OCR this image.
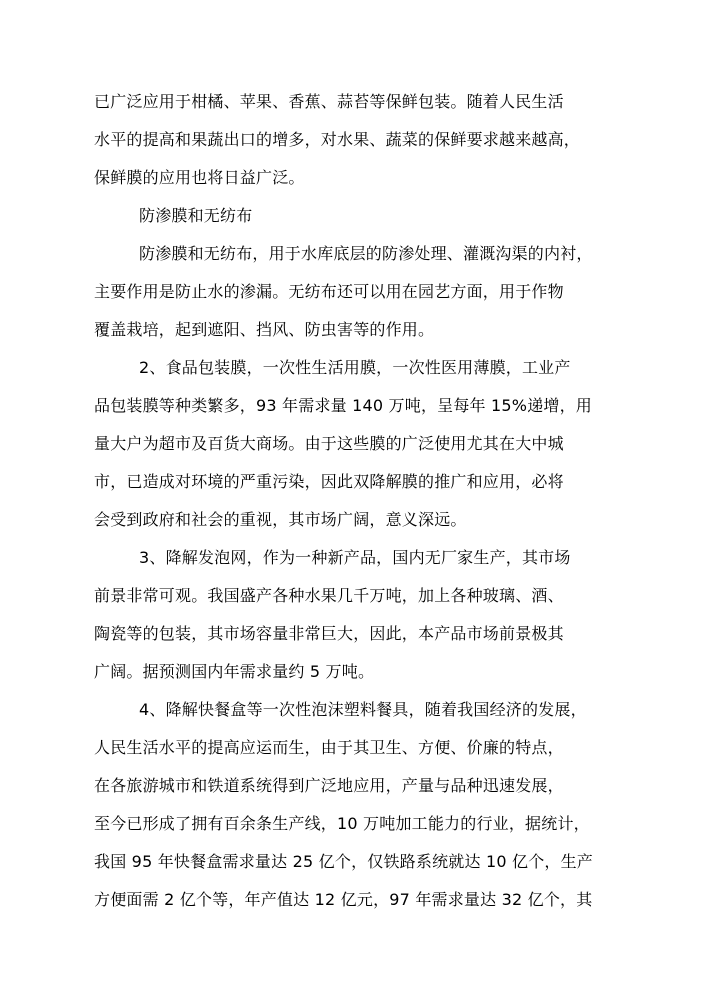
已广泛应用于柑橘、苹果、香蕉、蒜苔等保鲜包装。随着人民生活
水平的提高和果蔬出口的增多，对水果、蔬菜的保鲜要求越来越高，
保鲜膜的应用也将日益广泛。
防渗膜和无纺布
防渗膜和无纺布，用于水库底层的防渗处理、灌溉沟渠的内衬，
主要作用是防止水的渗漏。无纺布还可以用在园艺方面，用于作物
覆盖栽培，起到遮阳、挡风、防虫害等的作用。
2、食品包装膜，一次性生活用膜，一次性医用薄膜，工业产
品包装膜等种类繁多，93 年需求量 140 万吨，呈每年 15%递增，用
量大户为超市及百货大商场。由于这些膜的广泛使用尤其在大中城
市，已造成对环境的严重污染，因此双降解膜的推广和应用，必将
会受到政府和社会的重视，其市场广阔，意义深远。
3、降解发泡网，作为一种新产品，国内无厂家生产，其市场
前景非常可观。我国盛产各种水果几千万吨，加上各种玻璃、酒、
陶瓷等的包装，其市场容量非常巨大，因此，本产品市场前景极其
广阔。据预测国内年需求量约 5 万吨。
4、降解快餐盒等一次性泡沫塑料餐具，随着我国经济的发展，
人民生活水平的提高应运而生，由于其卫生、方便、价廉的特点，
在各旅游城市和铁道系统得到广泛地应用，产量与品种迅速发展，
至今已形成了拥有百余条生产线，10 万吨加工能力的行业，据统计，
我国 95 年快餐盒需求量达 25 亿个，仅铁路系统就达 10 亿个，生产
方便面需 2 亿个等，年产值达 12 亿元，97 年需求量达 32 亿个，其
